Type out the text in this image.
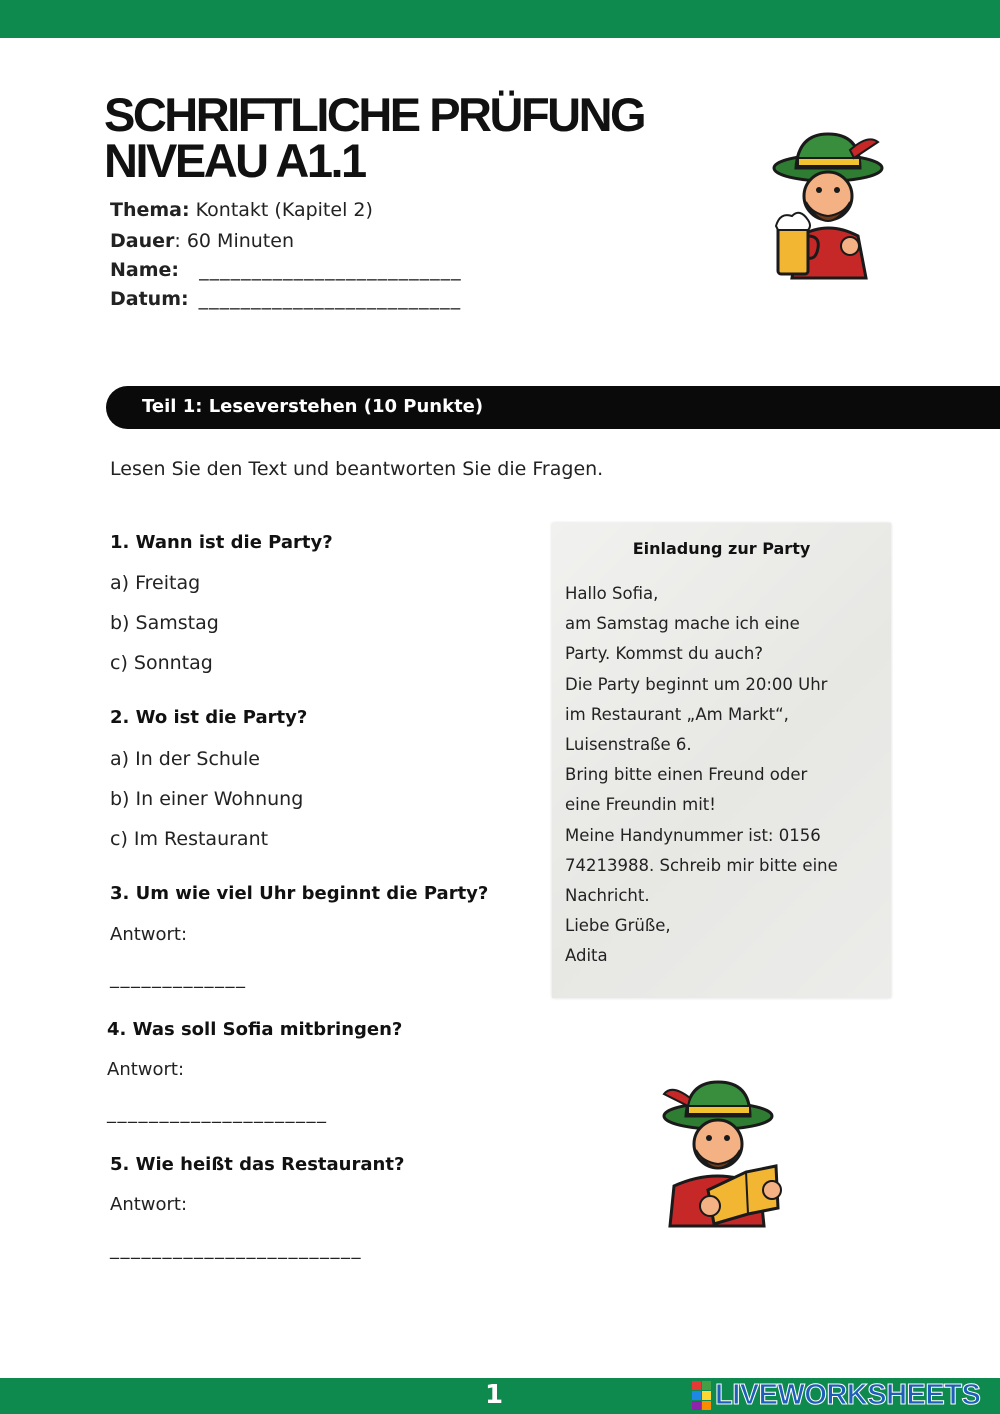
SCHRIFTLICHE PRÜFUNG
NIVEAU A1.1
Thema: Kontakt (Kapitel 2)
Dauer: 60 Minuten
Name: _________________________
Datum: _________________________
Teil 1: Leseverstehen (10 Punkte)
Lesen Sie den Text und beantworten Sie die Fragen.
1. Wann ist die Party?
a) Freitag
b) Samstag
c) Sonntag
2. Wo ist die Party?
a) In der Schule
b) In einer Wohnung
c) Im Restaurant
3. Um wie viel Uhr beginnt die Party?
Antwort:
_____________
4. Was soll Sofia mitbringen?
Antwort:
_____________________
5. Wie heißt das Restaurant?
Antwort:
________________________
Einladung zur Party
Hallo Sofia,
am Samstag mache ich eine
Party. Kommst du auch?
Die Party beginnt um 20:00 Uhr
im Restaurant „Am Markt“,
Luisenstraße 6.
Bring bitte einen Freund oder
eine Freundin mit!
Meine Handynummer ist: 0156
74213988. Schreib mir bitte eine
Nachricht.
Liebe Grüße,
Adita
1	LIVEWORKSHEETS
